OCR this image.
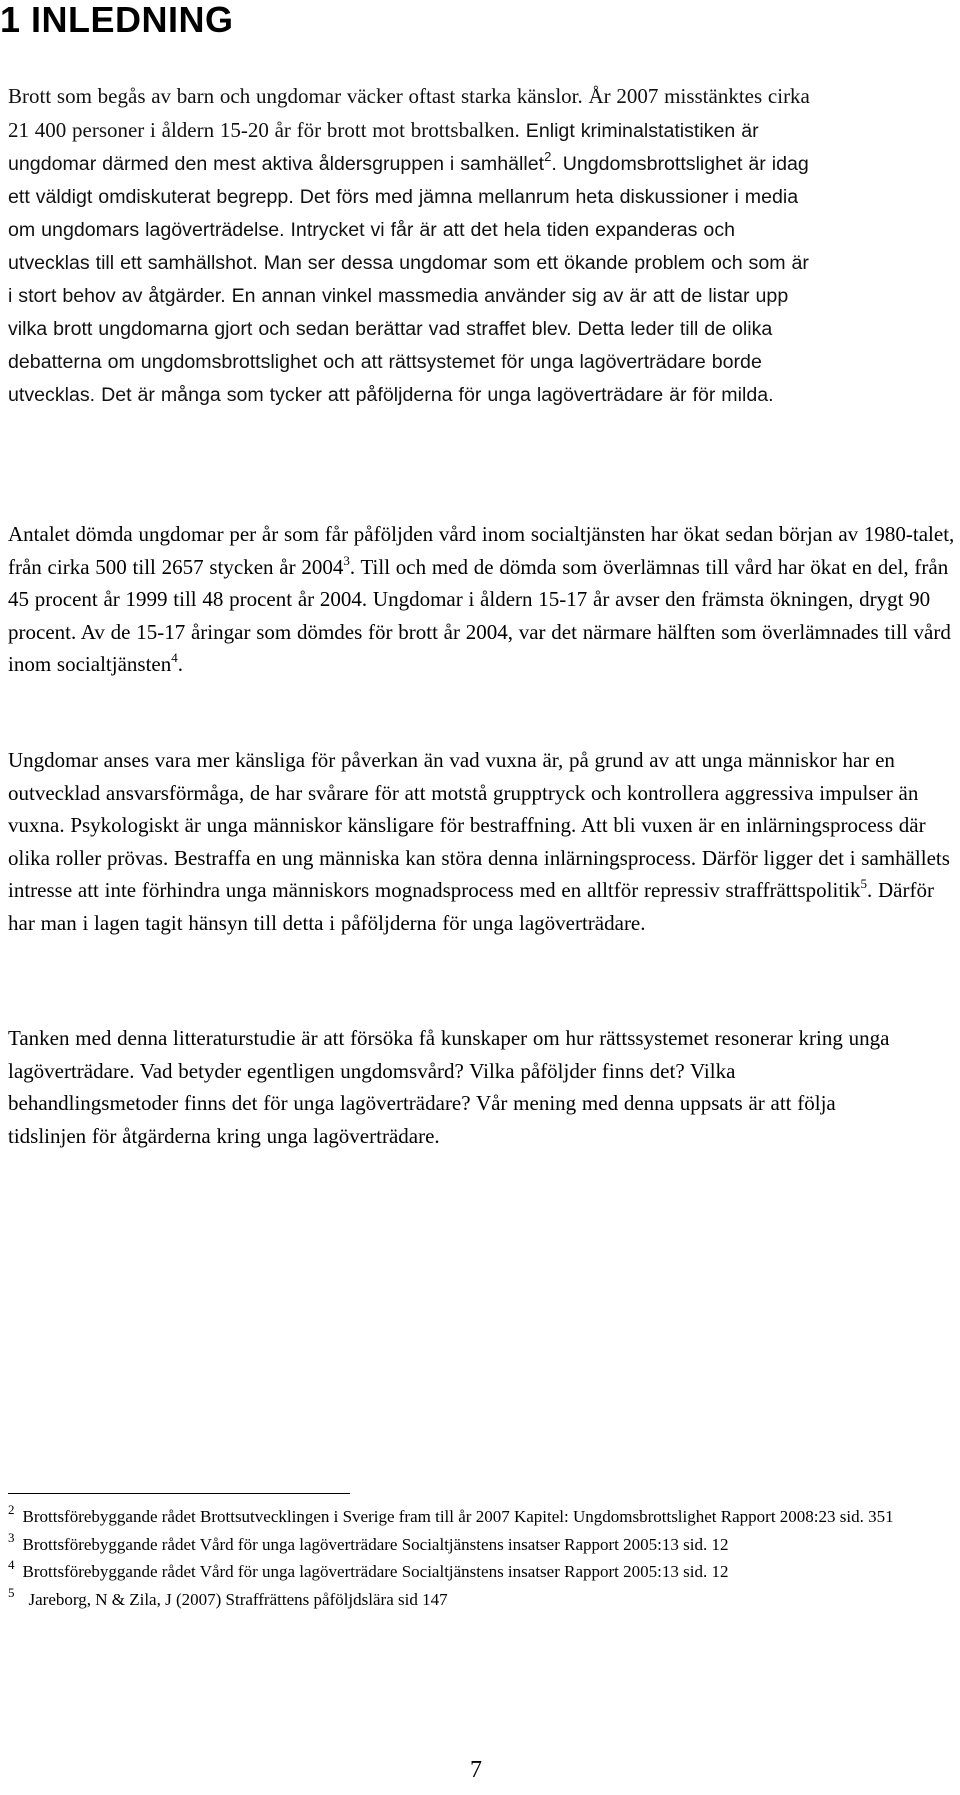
1 INLEDNING

Brott som begås av barn och ungdomar väcker oftast starka känslor. År 2007 misstänktes cirka 21 400 personer i åldern 15-20 år för brott mot brottsbalken. Enligt kriminalstatistiken är ungdomar därmed den mest aktiva åldersgruppen i samhället$^2$. Ungdomsbrottslighet är idag ett väldigt omdiskuterat begrepp. Det förs med jämna mellanrum heta diskussioner i media om ungdomars lagöverträdelse. Intrycket vi får är att det hela tiden expanderas och utvecklas till ett samhällshot. Man ser dessa ungdomar som ett ökande problem och som är i stort behov av åtgärder. En annan vinkel massmedia använder sig av är att de listar upp vilka brott ungdomarna gjort och sedan berättar vad straffet blev. Detta leder till de olika debatterna om ungdomsbrottslighet och att rättsystemet för unga lagöverträdare borde utvecklas. Det är många som tycker att påföljderna för unga lagöverträdare är för milda.

Antalet dömda ungdomar per år som får påföljden vård inom socialtjänsten har ökat sedan början av 1980-talet, från cirka 500 till 2657 stycken år 2004$^3$. Till och med de dömda som överlämnas till vård har ökat en del, från 45 procent år 1999 till 48 procent år 2004. Ungdomar i åldern 15-17 år avser den främsta ökningen, drygt 90 procent. Av de 15-17 åringar som dömdes för brott år 2004, var det närmare hälften som överlämnades till vård inom socialtjänsten$^4$.

Ungdomar anses vara mer känsliga för påverkan än vad vuxna är, på grund av att unga människor har en outvecklad ansvarsförmåga, de har svårare för att motstå grupptryck och kontrollera aggressiva impulser än vuxna. Psykologiskt är unga människor känsligare för bestraffning. Att bli vuxen är en inlärningsprocess där olika roller prövas. Bestraffa en ung människa kan störa denna inlärningsprocess. Därför ligger det i samhällets intresse att inte förhindra unga människors mognadsprocess med en alltför repressiv straffrättspolitik$^5$. Därför har man i lagen tagit hänsyn till detta i påföljderna för unga lagöverträdare.

Tanken med denna litteraturstudie är att försöka få kunskaper om hur rättssystemet resonerar kring unga lagöverträdare. Vad betyder egentligen ungdomsvård? Vilka påföljder finns det? Vilka behandlingsmetoder finns det för unga lagöverträdare? Vår mening med denna uppsats är att följa tidslinjen för åtgärderna kring unga lagöverträdare.

$^2$ Brottsförebyggande rådet Brottsutvecklingen i Sverige fram till år 2007 Kapitel: Ungdomsbrottslighet Rapport 2008:23 sid. 351
$^3$ Brottsförebyggande rådet Vård för unga lagöverträdare Socialtjänstens insatser Rapport 2005:13 sid. 12
$^4$ Brottsförebyggande rådet Vård för unga lagöverträdare Socialtjänstens insatser Rapport 2005:13 sid. 12
$^5$ Jareborg, N & Zila, J (2007) Straffrättens påföljdslära sid 147
7
